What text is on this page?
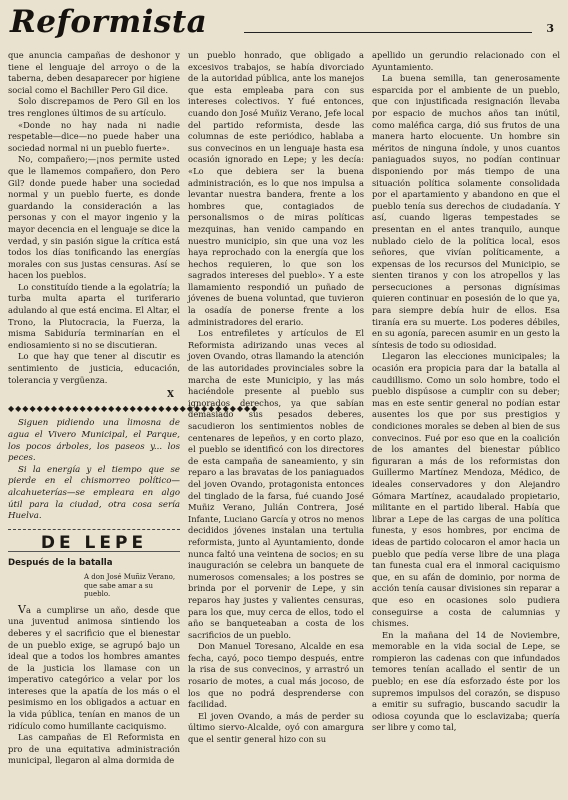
Reformista	3

que anuncia campañas de deshonor y tiene el lenguaje del arroyo o de la taberna, deben desaparecer por higiene social como el Bachiller Pero Gil dice.

Solo discrepamos de Pero Gil en los tres renglones últimos de su artículo.

«Donde no hay nada ni nadie respetable—dice—no puede haber una sociedad normal ni un pueblo fuerte».

No, compañero;—¡nos permite usted que le llamemos compañero, don Pero Gil? donde puede haber una sociedad normal y un pueblo fuerte, es donde guardando la consideración a las personas y con el mayor ingenio y la mayor decencia en el lenguaje se dice la verdad, y sin pasión sigue la crítica está todos los días tonificando las energías morales con sus justas censuras. Así se hacen los pueblos.

Lo constituído tiende a la egolatría; la turba multa aparta el turiferario adulando al que está encima. El Altar, el Trono, la Plutocracia, la Fuerza, la misma Sabiduría terminarían en el endiosamiento si no se discutieran.

Lo que hay que tener al discutir es sentimiento de justicia, educación, tolerancia y vergüenza.

X
◆◆◆◆◆◆◆◆◆◆◆◆◆◆◆◆◆◆◆◆◆◆◆◆◆◆◆◆◆◆◆◆◆◆◆

Siguen pidiendo una limosna de agua el Vivero Municipal, el Parque, los pocos árboles, los paseos y... los peces.

Si la energía y el tiempo que se pierde en el chismorreo político—alcahueterías—se empleara en algo útil para la ciudad, otra cosa sería Huelva.

DE LEPE
Después de la batalla
A don José Muñiz Verano, que sabe amar a su pueblo.

Va a cumplirse un año, desde que una juventud animosa sintiendo los deberes y el sacrificio que el bienestar de un pueblo exige, se agrupó bajo un ideal que a todos los hombres amantes de la justicia los llamase con un imperativo categórico a velar por los intereses que la apatía de los más o el pesimismo en los obligados a actuar en la vida pública, tenían en manos de un ridículo como humillante caciquismo.

Las campañas de El Reformista en pro de una equitativa administración municipal, llegaron al alma dormida de

un pueblo honrado, que obligado a excesivos trabajos, se había divorciado de la autoridad pública, ante los manejos que esta empleaba para con sus intereses colectivos. Y fué entonces, cuando don José Muñiz Verano, Jefe local del partido reformista, desde las columnas de este periódico, hablaba a sus convecinos en un lenguaje hasta esa ocasión ignorado en Lepe; y les decía: «Lo que debiera ser la buena administración, es lo que nos impulsa a levantar nuestra bandera, frente a los hombres que, contagiados de personalismos o de miras políticas mezquinas, han venido campando en nuestro municipio, sin que una voz les haya reprochado con la energía que los hechos requieren, lo que son los sagrados intereses del pueblo». Y a este llamamiento respondió un puñado de jóvenes de buena voluntad, que tuvieron la osadía de ponerse frente a los administradores del erario.

Los entrefiletes y artículos de El Reformista adirizando unas veces al joven Ovando, otras llamando la atención de las autoridades provinciales sobre la marcha de este Municipio, y las más haciéndole presente al pueblo sus ignorados derechos, ya que sabían demasiado sus pesados deberes, sacudieron los sentimientos nobles de centenares de lepeños, y en corto plazo, el pueblo se identificó con los directores de esta campaña de saneamiento, y sin reparo a las bravatas de los paniaguados del joven Ovando, protagonista entonces del tinglado de la farsa, fué cuando José Muñiz Verano, Julián Contrera, José Infante, Luciano García y otros no menos decididos jóvenes instalan una tertulia reformista, junto al Ayuntamiento, donde nunca faltó una veintena de socios; en su inauguración se celebra un banquete de numerosos comensales; a los postres se brinda por el porvenir de Lepe, y sin reparos hay justes y valientes censuras, para los que, muy cerca de ellos, todo el año se banqueteaban a costa de los sacrificios de un pueblo.

Don Manuel Toresano, Alcalde en esa fecha, cayó, poco tiempo después, entre la risa de sus convecinos, y arrastró un rosario de motes, a cual más jocoso, de los que no podrá desprenderse con facilidad.

El joven Ovando, a más de perder su último siervo-Alcalde, oyó con amargura que el sentir general hizo con su

apellido un gerundio relacionado con el Ayuntamiento.

La buena semilla, tan generosamente esparcida por el ambiente de un pueblo, que con injustificada resignación llevaba por espacio de muchos años tan inútil, como maléfica carga, dió sus frutos de una manera harto elocuente. Un hombre sin méritos de ninguna índole, y unos cuantos paniaguados suyos, no podían continuar disponiendo por más tiempo de una situación política solamente consolidada por el apartamiento y abandono en que el pueblo tenía sus derechos de ciudadanía. Y así, cuando ligeras tempestades se presentan en el antes tranquilo, aunque nublado cielo de la política local, esos señores, que vivían políticamente, a expensas de los recursos del Municipio, se sienten tiranos y con los atropellos y las persecuciones a personas dignísimas quieren continuar en posesión de lo que ya, para siempre debía huir de ellos. Esa tiranía era su muerte. Los poderes débiles, en su agonía, parecen asumir en un gesto la síntesis de todo su odiosidad.

Llegaron las elecciones municipales; la ocasión era propicia para dar la batalla al caudillismo. Como un solo hombre, todo el pueblo dispúsose a cumplir con su deber; mas en este sentir general no podían estar ausentes los que por sus prestigios y condiciones morales se deben al bien de sus convecinos. Fué por eso que en la coalición de los amantes del bienestar público figuraran a más de los reformistas don Guillermo Martínez Mendoza, Médico, de ideales conservadores y don Alejandro Gómara Martínez, acaudalado propietario, militante en el partido liberal. Había que librar a Lepe de las cargas de una política funesta, y esos hombres, por encima de ideas de partido colocaron el amor hacia un pueblo que pedía verse libre de una plaga tan funesta cual era el inmoral caciquismo que, en su afán de dominio, por norma de acción tenía causar divisiones sin reparar a que eso en ocasiones solo pudiera conseguirse a costa de calumnias y chismes.

En la mañana del 14 de Noviembre, memorable en la vida social de Lepe, se rompieron las cadenas con que infundados temores tenían acallado el sentir de un pueblo; en ese día esforzado éste por los supremos impulsos del corazón, se dispuso a emitir su sufragio, buscando sacudir la odiosa coyunda que lo esclavizaba; quería ser libre y como tal,
